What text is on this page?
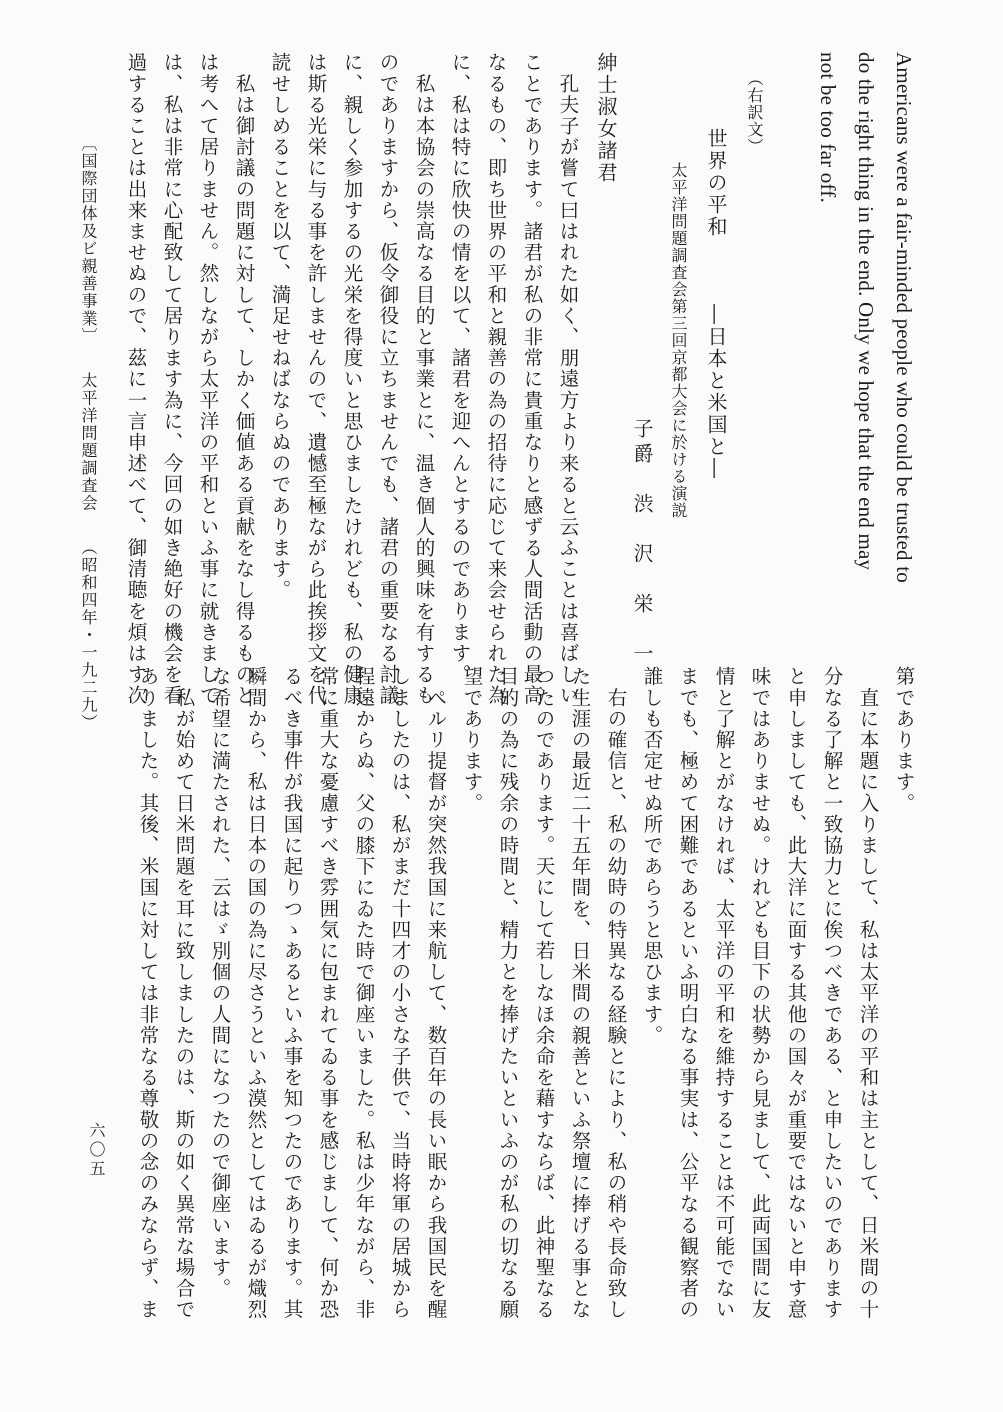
Americans were a fair-minded people who could be trusted to
do the right thing in the end. Only we hope that the end may
not be too far off.
（右訳文）
世界の平和　　　―日本と米国と―
太平洋問題調査会第三回京都大会に於ける演説
子爵　渋　沢　栄　一
紳士淑女諸君
　孔夫子が嘗て曰はれた如く、朋遠方より来ると云ふことは喜ばしい
ことであります。諸君が私の非常に貴重なりと感ずる人間活動の最高
なるもの、即ち世界の平和と親善の為の招待に応じて来会せられた為
に、私は特に欣快の情を以て、諸君を迎へんとするのであります。
　私は本協会の崇高なる目的と事業とに、温き個人的興味を有するも
のでありますから、仮令御役に立ちませんでも、諸君の重要なる討議
に、親しく参加するの光栄を得度いと思ひましたけれども、私の健康
は斯る光栄に与る事を許しませんので、遺憾至極ながら此挨拶文を代
読せしめることを以て、満足せねばならぬのであります。
　私は御討議の問題に対して、しかく価値ある貢献をなし得るものと
は考へて居りません。然しながら太平洋の平和といふ事に就きまして
は、私は非常に心配致して居ります為に、今回の如き絶好の機会を看
過することは出来ませぬので、茲に一言申述べて、御清聴を煩はす次
〔国際団体及ビ親善事業〕　　太平洋問題調査会　　（昭和四年・一九二九）
第であります。
　直に本題に入りまして、私は太平洋の平和は主として、日米間の十
分なる了解と一致協力とに俟つべきである、と申したいのであります
と申しましても、此大洋に面する其他の国々が重要ではないと申す意
味ではありませぬ。けれども目下の状勢から見まして、此両国間に友
情と了解とがなければ、太平洋の平和を維持することは不可能でない
までも、極めて困難であるといふ明白なる事実は、公平なる観察者の
誰しも否定せぬ所であらうと思ひます。
　右の確信と、私の幼時の特異なる経験とにより、私の稍や長命致し
た生涯の最近二十五年間を、日米間の親善といふ祭壇に捧げる事とな
つたのであります。天にして若しなほ余命を藉すならば、此神聖なる
目的の為に残余の時間と、精力とを捧げたいといふのが私の切なる願
望であります。
　ペルリ提督が突然我国に来航して、数百年の長い眠から我国民を醒
しましたのは、私がまだ十四才の小さな子供で、当時将軍の居城から
程遠からぬ、父の膝下にゐた時で御座いました。私は少年ながら、非
常に重大な憂慮すべき雰囲気に包まれてゐる事を感じまして、何か恐
るべき事件が我国に起りつゝあるといふ事を知つたのであります。其
瞬間から、私は日本の国の為に尽さうといふ漠然としてはゐるが熾烈
な希望に満たされた、云はゞ別個の人間になつたので御座います。
　私が始めて日米問題を耳に致しましたのは、斯の如く異常な場合で
ありました。其後、米国に対しては非常なる尊敬の念のみならず、ま
六〇五
